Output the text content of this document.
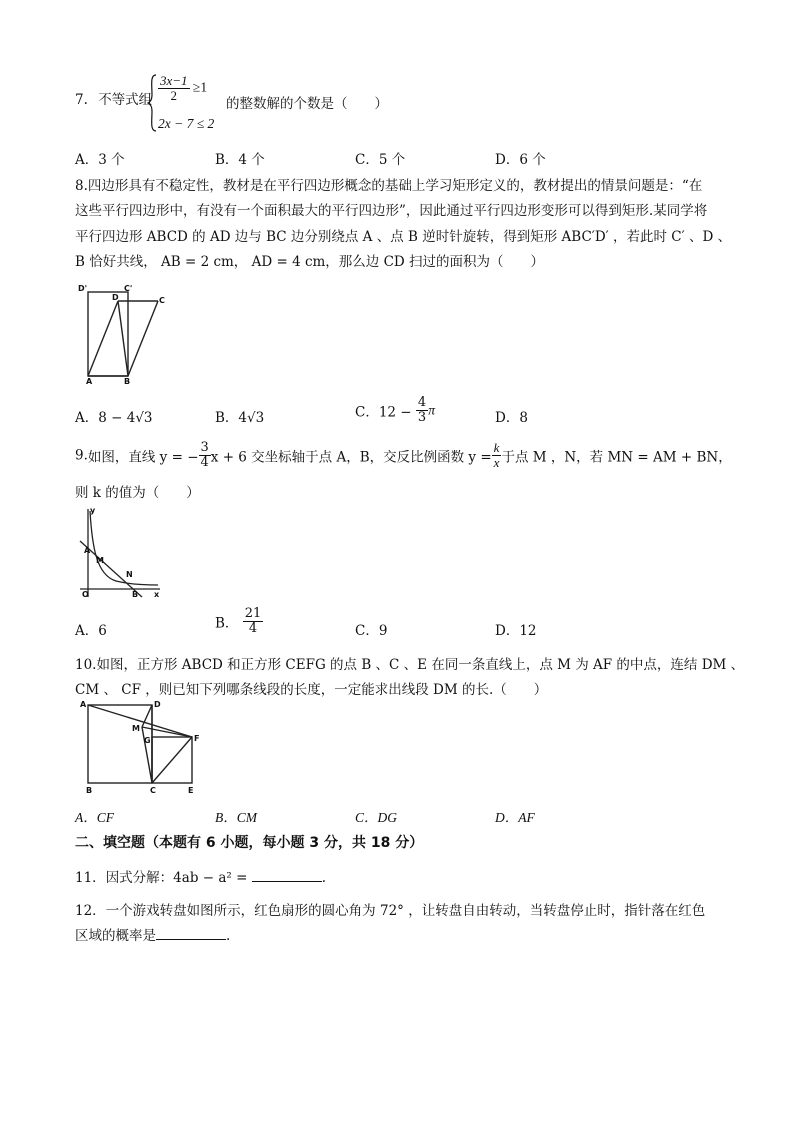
7. 不等式组 $\frac{3x-1}{2} \ge 1$
2x − 7 ≤ 2
的整数解的个数是（　　）
A．3 个	B．4 个	C．5 个	D．6 个
8.四边形具有不稳定性，教材是在平行四边形概念的基础上学习矩形定义的，教材提出的情景问题是：“在
这些平行四边形中，有没有一个面积最大的平行四边形”，因此通过平行四边形变形可以得到矩形.某同学将
平行四边形 ABCD 的 AD 边与 BC 边分别绕点 A 、点 B 逆时针旋转，得到矩形 ABC′D′ ，若此时 C′ 、D 、
B 恰好共线， AB = 2 cm， AD = 4 cm，那么边 CD 扫过的面积为（　　）
D'
D
C'
C
A	B
A．8 − 4√3	B．4√3	C．$12 - \frac{4}{3}$ π	D．8
9.如图，直线 y = − $\frac{3}{4}$ x + 6 交坐标轴于点 A，B，交反比例函数 $y = \frac{k}{x}$ 于点 M ，N，若 MN = AM + BN，
则 k 的值为（　　）
y
A
M
N
O	B x
A．6	B． $\frac{21}{4}$	C．9	D．12
10.如图，正方形 ABCD 和正方形 CEFG 的点 B 、C 、E 在同一条直线上，点 M 为 AF 的中点，连结 DM 、
CM 、 CF ，则已知下列哪条线段的长度，一定能求出线段 DM 的长.（　　）
A	D
M
G	F
B	C	E
A．CF	B．CM	C．DG	D．AF
二、填空题（本题有 6 小题，每小题 3 分，共 18 分）
11．因式分解：4ab − a² =	.
12．一个游戏转盘如图所示，红色扇形的圆心角为 72° ，让转盘自由转动，当转盘停止时，指针落在红色
区域的概率是	.
